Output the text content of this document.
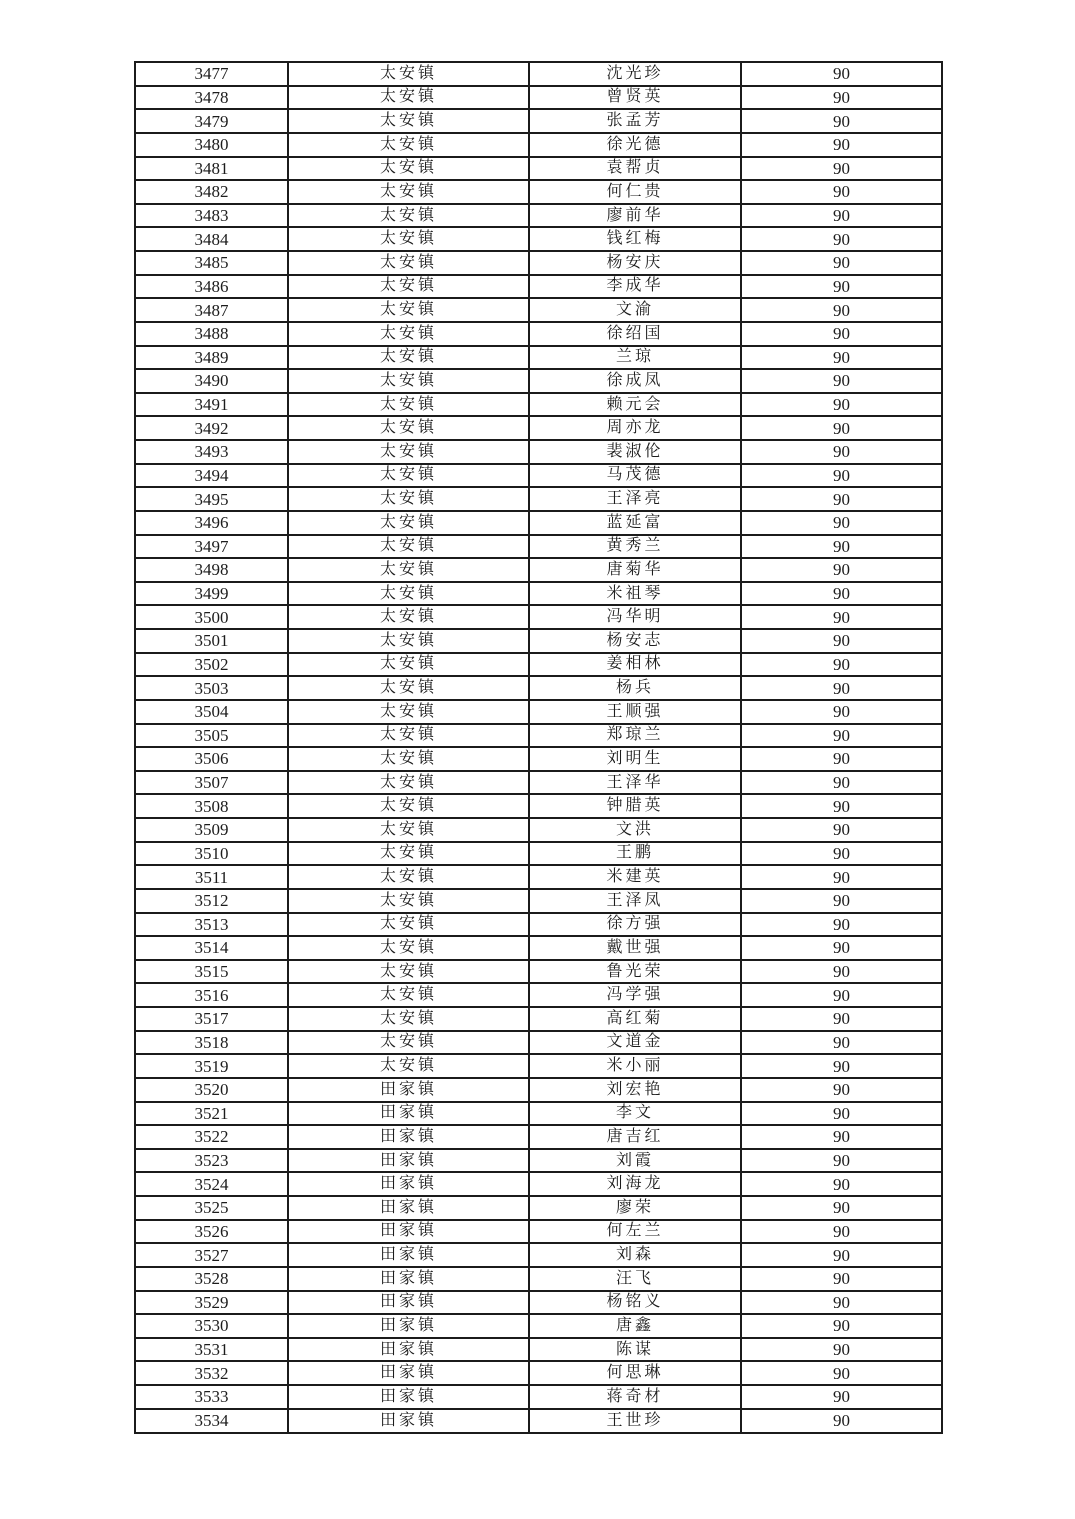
3477	太安镇	沈光珍	90
3478	太安镇	曾贤英	90
3479	太安镇	张孟芳	90
3480	太安镇	徐光德	90
3481	太安镇	袁帮贞	90
3482	太安镇	何仁贵	90
3483	太安镇	廖前华	90
3484	太安镇	钱红梅	90
3485	太安镇	杨安庆	90
3486	太安镇	李成华	90
3487	太安镇	文渝	90
3488	太安镇	徐绍国	90
3489	太安镇	兰琼	90
3490	太安镇	徐成凤	90
3491	太安镇	赖元会	90
3492	太安镇	周亦龙	90
3493	太安镇	裴淑伦	90
3494	太安镇	马茂德	90
3495	太安镇	王泽亮	90
3496	太安镇	蓝延富	90
3497	太安镇	黄秀兰	90
3498	太安镇	唐菊华	90
3499	太安镇	米祖琴	90
3500	太安镇	冯华明	90
3501	太安镇	杨安志	90
3502	太安镇	姜相林	90
3503	太安镇	杨兵	90
3504	太安镇	王顺强	90
3505	太安镇	郑琼兰	90
3506	太安镇	刘明生	90
3507	太安镇	王泽华	90
3508	太安镇	钟腊英	90
3509	太安镇	文洪	90
3510	太安镇	王鹏	90
3511	太安镇	米建英	90
3512	太安镇	王泽凤	90
3513	太安镇	徐方强	90
3514	太安镇	戴世强	90
3515	太安镇	鲁光荣	90
3516	太安镇	冯学强	90
3517	太安镇	高红菊	90
3518	太安镇	文道金	90
3519	太安镇	米小丽	90
3520	田家镇	刘宏艳	90
3521	田家镇	李文	90
3522	田家镇	唐吉红	90
3523	田家镇	刘霞	90
3524	田家镇	刘海龙	90
3525	田家镇	廖荣	90
3526	田家镇	何左兰	90
3527	田家镇	刘森	90
3528	田家镇	汪飞	90
3529	田家镇	杨铭义	90
3530	田家镇	唐鑫	90
3531	田家镇	陈谋	90
3532	田家镇	何思琳	90
3533	田家镇	蒋奇材	90
3534	田家镇	王世珍	90
